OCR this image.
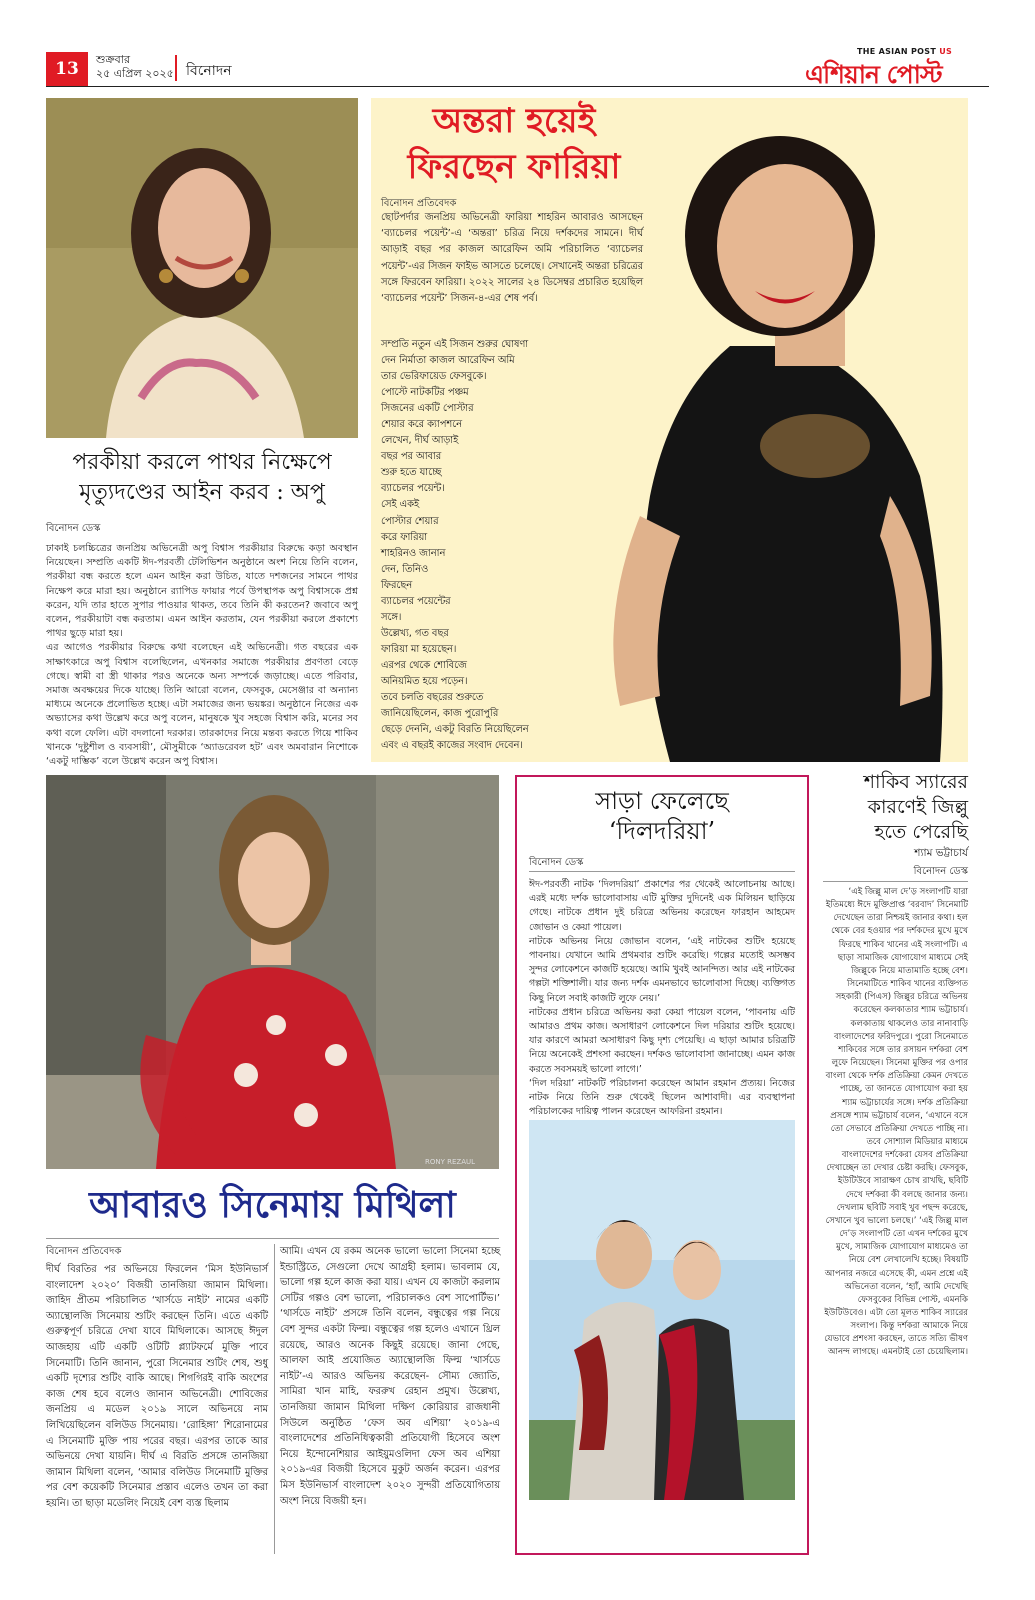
13	শুক্রবার
২৫ এপ্রিল ২০২৫ বিনোদন
THE ASIAN POST US
এশিয়ান পোস্ট
পরকীয়া করলে পাথর নিক্ষেপে
মৃত্যুদণ্ডের আইন করব : অপু
বিনোদন ডেস্ক

ঢাকাই চলচ্চিত্রের জনপ্রিয় অভিনেত্রী অপু বিশ্বাস পরকীয়ার বিরুদ্ধে কড়া অবস্থান নিয়েছেন। সম্প্রতি একটি ঈদ-পরবর্তী টেলিভিশন অনুষ্ঠানে অংশ নিয়ে তিনি বলেন, পরকীয়া বন্ধ করতে হলে এমন আইন করা উচিত, যাতে দশজনের সামনে পাথর নিক্ষেপ করে মারা হয়। অনুষ্ঠানে র‍্যাপিড ফায়ার পর্বে উপস্থাপক অপু বিশ্বাসকে প্রশ্ন করেন, যদি তার হাতে সুপার পাওয়ার থাকত, তবে তিনি কী করতেন? জবাবে অপু বলেন, পরকীয়াটা বন্ধ করতাম। এমন আইন করতাম, যেন পরকীয়া করলে প্রকাশ্যে পাথর ছুড়ে মারা হয়।

এর আগেও পরকীয়ার বিরুদ্ধে কথা বলেছেন এই অভিনেত্রী। গত বছরের এক সাক্ষাৎকারে অপু বিশ্বাস বলেছিলেন, এখনকার সমাজে পরকীয়ার প্রবণতা বেড়ে গেছে। স্বামী বা স্ত্রী থাকার পরও অনেকে অন্য সম্পর্কে জড়াচ্ছে। এতে পরিবার, সমাজ অবক্ষয়ের দিকে যাচ্ছে। তিনি আরো বলেন, ফেসবুক, মেসেঞ্জার বা অন্যান্য মাধ্যমে অনেকে প্রলোভিত হচ্ছে। এটা সমাজের জন্য ভয়ঙ্কর। অনুষ্ঠানে নিজের এক অভ্যাসের কথা উল্লেখ করে অপু বলেন, মানুষকে খুব সহজে বিশ্বাস করি, মনের সব কথা বলে ফেলি। এটা বদলানো দরকার। তারকাদের নিয়ে মন্তব্য করতে গিয়ে শাকিব খানকে ‘দুষ্টুশীল ও ব্যবসায়ী’, মৌসুমীকে ‘অ্যাডরেবল হট’ এবং অমবারান নিশোকে ‘একটু দাম্ভিক’ বলে উল্লেখ করেন অপু বিশ্বাস।

অন্তরা হয়েই
ফিরছেন ফারিয়া
বিনোদন প্রতিবেদক
ছোটপর্দার জনপ্রিয় অভিনেত্রী ফারিয়া শাহরিন আবারও আসছেন ‘ব্যাচেলর পয়েন্ট’-এ ‘অন্তরা’ চরিত্র নিয়ে দর্শকদের সামনে। দীর্ঘ আড়াই বছর পর কাজল আরেফিন অমি পরিচালিত ‘ব্যাচেলর পয়েন্ট’-এর সিজন ফাইভ আসতে চলেছে। সেখানেই অন্তরা চরিত্রের সঙ্গে ফিরবেন ফারিয়া। ২০২২ সালের ২৪ ডিসেম্বর প্রচারিত হয়েছিল ‘ব্যাচেলর পয়েন্ট’ সিজন-৪-এর শেষ পর্ব।
সম্প্রতি নতুন এই সিজন শুরুর ঘোষণা
দেন নির্মাতা কাজল আরেফিন অমি
তার ভেরিফায়েড ফেসবুকে।
পোস্টে নাটকটির পঞ্চম
সিজনের একটি পোস্টার
শেয়ার করে ক্যাপশনে
লেখেন, দীর্ঘ আড়াই
বছর পর আবার
শুরু হতে যাচ্ছে
ব্যাচেলর পয়েন্ট।
সেই একই
পোস্টার শেয়ার
করে ফারিয়া
শাহরিনও জানান
দেন, তিনিও
ফিরছেন
ব্যাচেলর পয়েন্টের
সঙ্গে।
উল্লেখ্য, গত বছর
ফারিয়া মা হয়েছেন।
এরপর থেকে শোবিজে
অনিয়মিত হয়ে পড়েন।
তবে চলতি বছরের শুরুতে
জানিয়েছিলেন, কাজ পুরোপুরি
ছেড়ে দেননি, একটু বিরতি নিয়েছিলেন
এবং এ বছরই কাজের সংবাদ দেবেন।
RONY REZAUL
আবারও সিনেমায় মিথিলা
বিনোদন প্রতিবেদক
দীর্ঘ বিরতির পর অভিনয়ে ফিরলেন ‘মিস ইউনিভার্স বাংলাদেশ ২০২০’ বিজয়ী তানজিয়া জামান মিথিলা। জাহিদ প্রীতম পরিচালিত ‘খার্সডে নাইট’ নামের একটি অ্যান্থোলজি সিনেমায় শুটিং করছেন তিনি। এতে একটি গুরুত্বপূর্ণ চরিত্রে দেখা যাবে মিথিলাকে। আসছে ঈদুল আজহায় এটি একটি ওটিটি প্ল্যাটফর্মে মুক্তি পাবে সিনেমাটি। তিনি জানান, পুরো সিনেমার শুটিং শেষ, শুধু একটি দৃশ্যের শুটিং বাকি আছে। শিগগিরই বাকি অংশের কাজ শেষ হবে বলেও জানান অভিনেত্রী। শোবিজের জনপ্রিয় এ মডেল ২০১৯ সালে অভিনয়ে নাম লিখিয়েছিলেন বলিউড সিনেমায়। ‘রোহিঙ্গা’ শিরোনামের এ সিনেমাটি মুক্তি পায় পরের বছর। এরপর তাকে আর অভিনয়ে দেখা যায়নি। দীর্ঘ এ বিরতি প্রসঙ্গে তানজিয়া জামান মিথিলা বলেন, ‘আমার বলিউড সিনেমাটি মুক্তির পর বেশ কয়েকটি সিনেমার প্রস্তাব এলেও তখন তা করা হয়নি। তা ছাড়া মডেলিং নিয়েই বেশ ব্যস্ত ছিলাম
আমি। এখন যে রকম অনেক ভালো ভালো সিনেমা হচ্ছে ইন্ডাস্ট্রিতে, সেগুলো দেখে আগ্রহী হলাম। ভাবলাম যে, ভালো গল্প হলে কাজ করা যায়। এখন যে কাজটা করলাম সেটির গল্পও বেশ ভালো, পরিচালকও বেশ সাপোর্টিভ।’ ‘থার্সডে নাইট’ প্রসঙ্গে তিনি বলেন, বন্ধুত্বের গল্প নিয়ে বেশ সুন্দর একটা ফিল্ম। বন্ধুত্বের গল্প হলেও এখানে থ্রিল রয়েছে, আরও অনেক কিছুই রয়েছে। জানা গেছে, আলফা আই প্রযোজিত অ্যান্থোলজি ফিল্ম ‘খার্সডে নাইট’-এ আরও অভিনয় করেছেন- সৌম্য জ্যোতি, সামিরা খান মাহি, ফররুখ রেহান প্রমুখ। উল্লেখ্য, তানজিয়া জামান মিথিলা দক্ষিণ কোরিয়ার রাজধানী সিউলে অনুষ্ঠিত ‘ফেস অব এশিয়া’ ২০১৯-এ বাংলাদেশের প্রতিনিধিত্বকারী প্রতিযোগী হিসেবে অংশ নিয়ে ইন্দোনেশিয়ার আইয়ুমওলিদা ফেস অব এশিয়া ২০১৯-এর বিজয়ী হিসেবে মুকুট অর্জন করেন। এরপর মিস ইউনিভার্স বাংলাদেশ ২০২০ সুন্দরী প্রতিযোগিতায় অংশ নিয়ে বিজয়ী হন।
সাড়া ফেলেছে
‘দিলদরিয়া’
বিনোদন ডেস্ক

ঈদ-পরবর্তী নাটক ‘দিলদরিয়া’ প্রকাশের পর থেকেই আলোচনায় আছে। এরই মধ্যে দর্শক ভালোবাসায় এটি মুক্তির দুদিনেই এক মিলিয়ন ছাড়িয়ে গেছে। নাটকে প্রধান দুই চরিত্রে অভিনয় করেছেন ফারহান আহমেদ জোভান ও কেয়া পায়েল।

নাটকে অভিনয় নিয়ে জোভান বলেন, ‘এই নাটকের শুটিং হয়েছে পাবনায়। যেখানে আমি প্রথমবার শুটিং করেছি। গল্পের মতোই অসম্ভব সুন্দর লোকেশনে কাজটি হয়েছে। আমি খুবই আনন্দিত। আর এই নাটকের গল্পটা শক্তিশালী। যার জন্য দর্শক এমনভাবে ভালোবাসা দিচ্ছে। ব্যক্তিগত কিছু নিলে সবাই কাজটি লুফে নেয়।’

নাটকের প্রধান চরিত্রে অভিনয় করা কেয়া পায়েল বলেন, ‘পাবনায় এটি আমারও প্রথম কাজ। অসাধারণ লোকেশনে দিল দরিয়ার শুটিং হয়েছে। যার কারণে আমরা অসাধারণ কিছু দৃশ্য পেয়েছি। এ ছাড়া আমার চরিত্রটি নিয়ে অনেকেই প্রশংসা করছেন। দর্শকও ভালোবাসা জানাচ্ছে। এমন কাজ করতে সবসময়ই ভালো লাগে।’

‘দিল দরিয়া’ নাটকটি পরিচালনা করেছেন আমান রহমান প্রত্যয়। নিজের নাটক নিয়ে তিনি শুরু থেকেই ছিলেন আশাবাদী। এর ব্যবস্থাপনা পরিচালকের দায়িত্ব পালন করেছেন আফরিনা রহমান।

শাকিব স্যারের
কারণেই জিল্লু
হতে পেরেছি
শ্যাম ভট্টাচার্য
বিনোদন ডেস্ক
‘এই জিল্লু মাল দে’ড় সংলাপটি যারা ইতিমধ্যে ঈদে মুক্তিপ্রাপ্ত ‘বরবাদ’ সিনেমাটি দেখেছেন তারা নিশ্চয়ই জানার কথা। হল থেকে বের হওয়ার পর দর্শকদের মুখে মুখে ফিরছে শাকিব খানের এই সংলাপটি। এ ছাড়া সামাজিক যোগাযোগ মাধ্যমে সেই জিল্লুকে নিয়ে মাতামাতি হচ্ছে বেশ। সিনেমাটিতে শাকিব খানের ব্যক্তিগত সহকারী (পিএস) জিল্লুর চরিত্রে অভিনয় করেছেন কলকাতার শ্যাম ভট্টাচার্য। কলকাতায় থাকলেও তার নানাবাড়ি বাংলাদেশের ফরিদপুরে। পুরো সিনেমাতে শাকিবের সঙ্গে তার রসায়ন দর্শকরা বেশ লুফে নিয়েছেন। সিনেমা মুক্তির পর ওপার বাংলা থেকে দর্শক প্রতিক্রিয়া কেমন দেখতে পাচ্ছে, তা জানতে যোগাযোগ করা হয় শ্যাম ভট্টাচার্যের সঙ্গে। দর্শক প্রতিক্রিয়া প্রসঙ্গে শ্যাম ভট্টাচার্য বলেন, ‘এখানে বসে তো সেভাবে প্রতিক্রিয়া দেখতে পাচ্ছি না। তবে সোশ্যাল মিডিয়ার মাধ্যমে বাংলাদেশের দর্শকেরা যেসব প্রতিক্রিয়া দেখাচ্ছেন তা দেখার চেষ্টা করছি। ফেসবুক, ইউটিউবে সারাক্ষণ চোখ রাখছি, ছবিটি দেখে দর্শকরা কী বলছে জানার জন্য। দেখলাম ছবিটি সবাই খুব পছন্দ করেছে, সেখানে খুব ভালো চলছে।’ ‘এই জিল্লু মাল দে’ড় সংলাপটি তো এখন দর্শকের মুখে মুখে, সামাজিক যোগাযোগ মাধ্যমেও তা নিয়ে বেশ লেখালেখি হচ্ছে। বিষয়টি আপনার নজরে এসেছে কী, এমন প্রশ্নে এই অভিনেতা বলেন, ‘হ্যাঁ, আমি দেখেছি ফেসবুকের বিভিন্ন পোস্ট, এমনকি ইউটিউবেও। এটা তো মূলত শাকিব স্যারের সংলাপ। কিন্তু দর্শকরা আমাকে নিয়ে যেভাবে প্রশংসা করছেন, তাতে সত্যি ভীষণ আনন্দ লাগছে। এমনটাই তো চেয়েছিলাম।
